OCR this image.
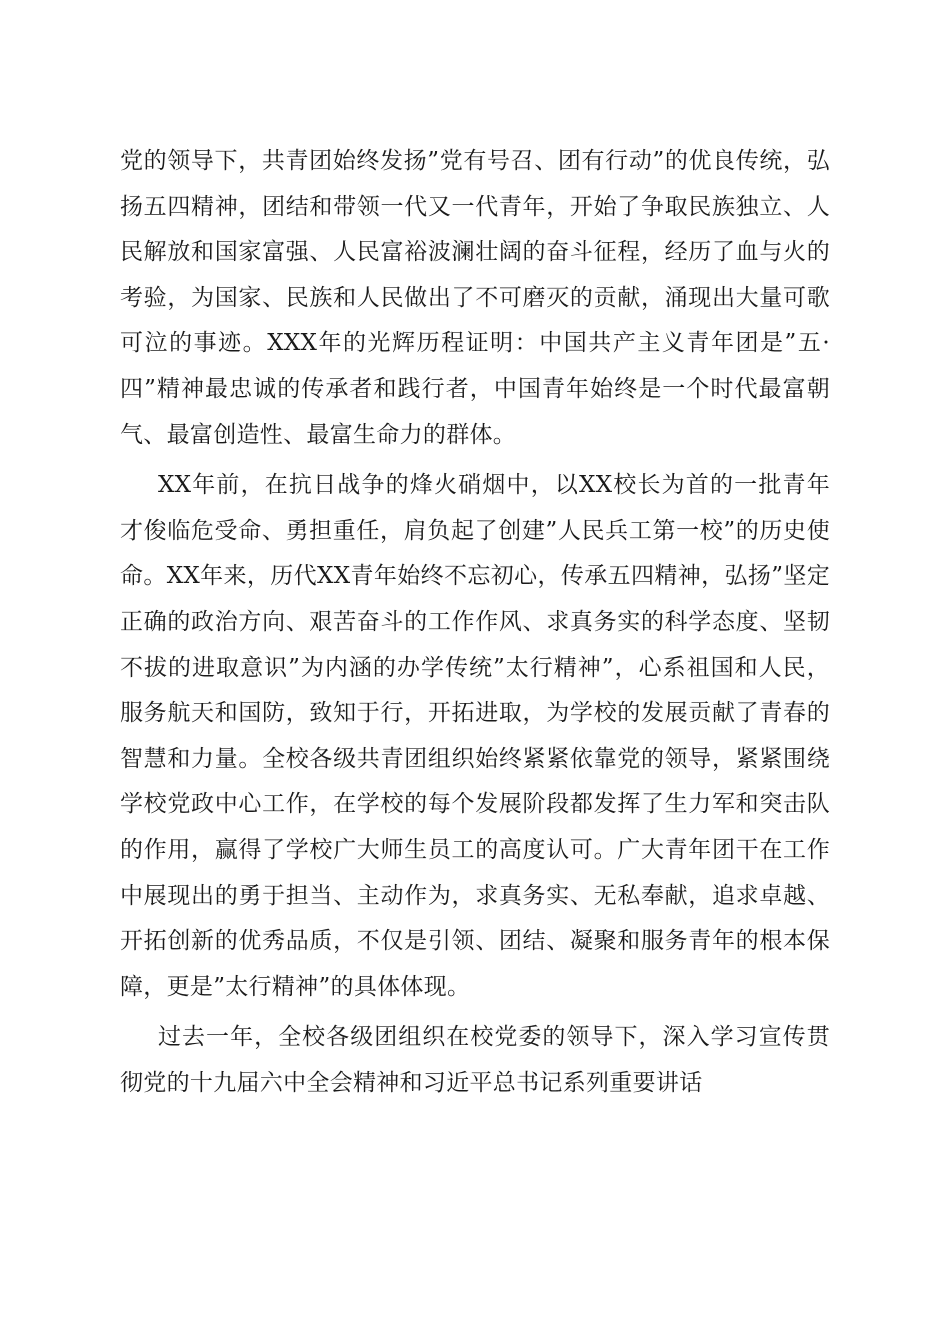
党的领导下，共青团始终发扬”党有号召、团有行动”的优良传统，弘扬五四精神，团结和带领一代又一代青年，开始了争取民族独立、人民解放和国家富强、人民富裕波澜壮阔的奋斗征程，经历了血与火的考验，为国家、民族和人民做出了不可磨灭的贡献，涌现出大量可歌可泣的事迹。XXX年的光辉历程证明：中国共产主义青年团是”五·四”精神最忠诚的传承者和践行者，中国青年始终是一个时代最富朝气、最富创造性、最富生命力的群体。

XX年前，在抗日战争的烽火硝烟中，以XX校长为首的一批青年才俊临危受命、勇担重任，肩负起了创建”人民兵工第一校”的历史使命。XX年来，历代XX青年始终不忘初心，传承五四精神，弘扬”坚定正确的政治方向、艰苦奋斗的工作作风、求真务实的科学态度、坚韧不拔的进取意识”为内涵的办学传统”太行精神”，心系祖国和人民，服务航天和国防，致知于行，开拓进取，为学校的发展贡献了青春的智慧和力量。全校各级共青团组织始终紧紧依靠党的领导，紧紧围绕学校党政中心工作，在学校的每个发展阶段都发挥了生力军和突击队的作用，赢得了学校广大师生员工的高度认可。广大青年团干在工作中展现出的勇于担当、主动作为，求真务实、无私奉献，追求卓越、开拓创新的优秀品质，不仅是引领、团结、凝聚和服务青年的根本保障，更是”太行精神”的具体体现。

过去一年，全校各级团组织在校党委的领导下，深入学习宣传贯彻党的十九届六中全会精神和习近平总书记系列重要讲话
